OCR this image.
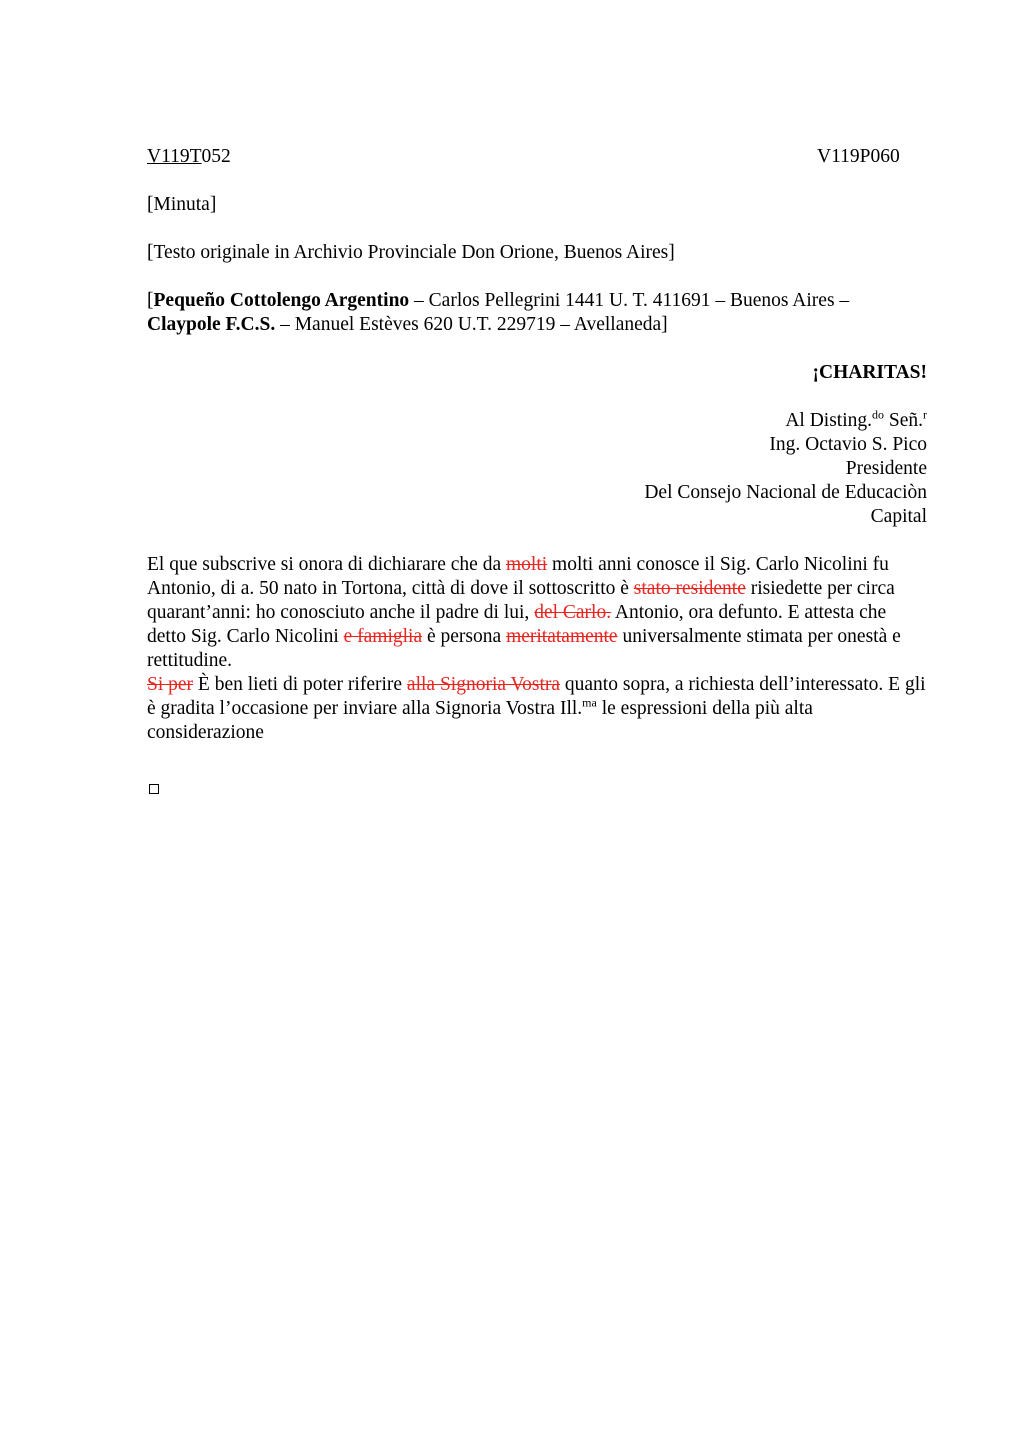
V119T052	V119P060

[Minuta]

[Testo originale in Archivio Provinciale Don Orione, Buenos Aires]

[Pequeño Cottolengo Argentino – Carlos Pellegrini 1441 U. T. 411691 – Buenos Aires –
Claypole F.C.S. – Manuel Estèves 620 U.T. 229719 – Avellaneda]

¡CHARITAS!

Al Disting.$^{do}$ Señ.$^r$
Ing. Octavio S. Pico
Presidente
Del Consejo Nacional de Educaciòn
Capital

El que subscrive si onora di dichiarare che da molti molti anni conosce il Sig. Carlo Nicolini fu Antonio, di a. 50 nato in Tortona, città di dove il sottoscritto è stato residente risiedette per circa quarant’anni: ho conosciuto anche il padre di lui, del Carlo. Antonio, ora defunto. E attesta che detto Sig. Carlo Nicolini e famiglia è persona meritatamente universalmente stimata per onestà e rettitudine.

Si per È ben lieti di poter riferire alla Signoria Vostra quanto sopra, a richiesta dell’interessato. E gli è gradita l’occasione per inviare alla Signoria Vostra Ill.$^{ma}$ le espressioni della più alta considerazione
